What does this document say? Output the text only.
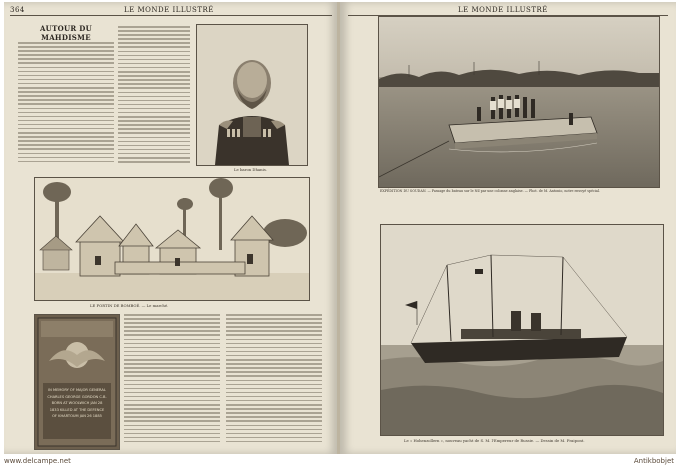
364	LE MONDE ILLUSTRÉ
AUTOUR DU MAHDISME
Le baron Dhanis.
LE FORTIN DE BOMBOÉ. — Le marché.
IN MEMORY OF MAJOR GENERAL
CHARLES GEORGE GORDON C.B.
BORN AT WOOLWICH JAN 28
1833 KILLED AT THE DEFENCE
OF KHARTOUM JAN 26 1885
LE MONDE ILLUSTRÉ
EXPÉDITION DU SOUDAN. — Passage du bateau sur le Nil par une colonne anglaise. — Phot. de M. Antonio, notre envoyé spécial.
Le « Hohenzollern », nouveau yacht de S. M. l'Empereur de Russie. — Dessin de M. Fraipont.
www.delcampe.net	Antikbobjet
